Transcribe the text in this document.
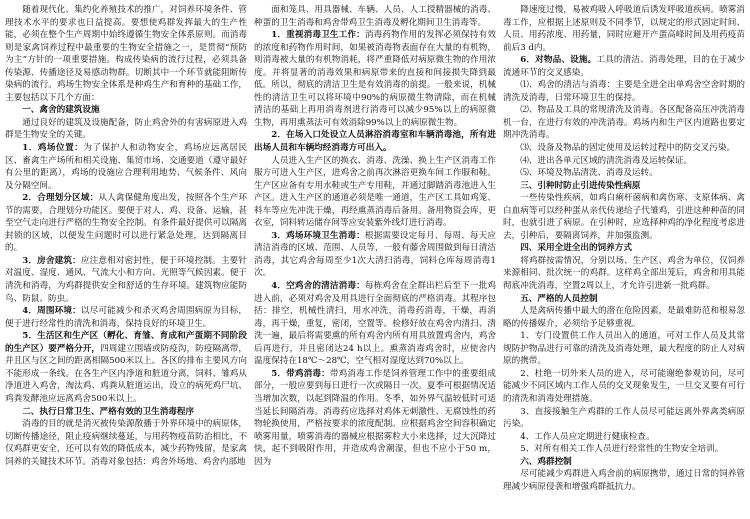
随着现代化、集约化养殖技术的推广，对饲养环境条件、管理技术水平的要求也日益提高。要想使鸡群发挥最大的生产性能，必须在整个生产周期中始终遵循生物安全体系原则。而消毒则是家禽饲养过程中最重要的生物安全措施之一，是贯彻“预防为主”方针的一项重要措施。构成传染病的流行过程，必须具备传染源、传播途径及易感动物群。切断其中一个环节就能阻断传染病的流行。鸡场生物安全体系是种鸡生产和育种的基础工作，主要包括以下几个方面：

一、禽舍的建筑设施

通过良好的建筑及设施配备，防止鸡舍外的有害病原进入鸡群是生物安全的关键。

1．鸡场位置：为了保护人和动物安全，鸡场应远离居民区、畜禽生产场所和相关设施、集贸市场、交通要道（遵守最好有公里的距离），鸡场的设施应合理利用地势、气候条件、风向及分隔空间。

2．合理划分区域：从人禽保健角度出发，按照各个生产环节的需要，合理划分功能区。要便于对人、鸡、设备、运输，甚至空气走向进行严格的生物安全控制。有条件最好提供可以隔离封锁的区域，以便发生问题时可以进行紧急处理，达到隔离目的。

3．房舍建筑：应注意相对密封性，便于环境控制。主要针对温度、湿度、通风、气流大小和方向、光照等气候因素。便于清洗和消毒，为鸡群提供安全和舒适的生存环境。建筑物应能防鸟、防鼠、防虫。

4．周围环境：以尽可能减少和杀灭鸡舍周围病原为目标，便于进行经常性的清洗和消毒，保持良好的环境卫生。

5．生活区和生产区（孵化、育雏、育成和产蛋期不同阶段的生产区）要严格分开，四周建立围墙或防疫沟，防疫隔离带，并且区与区之间的距离相隔500米以上。各区的排布主要风方向不能形成一条线。在各生产区内净道和脏道分离，饲料、雏鸡从净道进入鸡舍，淘汰鸡、鸡粪从脏道运出，设立的病死鸡尸坑、鸡粪发酵池应远离鸡舍500米以上。

二、执行日常卫生、严格有效的卫生消毒程序

消毒的目的就是消灭被传染源散播于外界环境中的病原体，切断传播途径，阻止疫病继续蔓延，与用药物疫苗防治相比，不仅鸡群更安全，还可以有效的降低成本，减少药物残留，是家禽饲养的关键技术环节。消毒对象包括：鸡舍外场地、鸡舍内部地

面和笼具、用具器械、车辆、人员、人工授精器械的消毒、种蛋的卫生消毒和鸡舍带鸡卫生消毒及孵化期间卫生消毒等。

1．重视消毒卫生工作：消毒药物作用的发挥必须保持有效的浓度和药物作用时间，如果被消毒物表面存在大量的有机物，则消毒被大量的有机物消耗，将严重降低对病原微生物的作用浓度。并将显著的消毒效果和病原带来的直接和间接损失降到最低。所以，彻底的清洁卫生是有效消毒的前提。一般来说，机械性的清洁卫生可以将环境中90%的病原微生物清除，而在机械清洁的基础上再用消毒剂进行消毒可以减少95%以上的病原微生物，再用熏蒸法可有效消除99%以上的病原微生物。

2．在场入口处设立人员淋浴消毒室和车辆消毒池，所有进出场人员和车辆均经消毒方可出入。

人员进入生产区的换衣、消毒、洗澡、换上生产区消毒工作服方可进入生产区，进鸡舍之前再次淋浴更换车间工作服和鞋。生产区应备有专用水鞋或生产专用鞋，并通过脚踏消毒池进入生产区。进入生产区的通道必须是唯一通道，生产区工具如鸡笼、料车等应先冲洗干燥，再经熏蒸消毒后备用。备用物资会库，更衣室，饲料转运储存间等应安装紫外线灯进行消毒。

3．鸡场环境卫生消毒：根据需要设定每月、每周、每天应清洁消毒的区域、范围、人员等，一般有藤舍周围做到每日清洁消毒，其它鸡舍每周至少1次大清扫消毒，饲料仓库每周消毒1次。

4．空鸡舍的清洁消毒：每栋鸡舍在全群出栏后至下一批鸡进入前，必须对鸡舍及用具进行全面彻底的严格消毒。其程序包括：排空，机械性清扫，用水冲洗，消毒药消毒，干燥，再消毒，再干燥，重复，密闭，空置等。检修好放在鸡舍内清扫、清洗一遍，最后将需要熏的所有鸡舍内所有用具放置鸡舍内，鸡舍后再进行，并且密闭达24 h以上。熏蒸消毒鸡舍时，应使舍内温度保持在18℃～28℃，空气相对湿度达到70%以上。

5．带鸡消毒：带鸡消毒工作是饲养管理工作中的重要组成部分，一般应要到每日进行一次或隔日一次。夏季可根据情况适当增加次数，以起到降温的作用。冬季，如外界气温较低时可适当延长间隔消毒。消毒药应选择对鸡体无刺激性、无腐蚀性的药物轮换使用，严格按要求的浓度配制。应根据鸡舍空间容积确定喷雾用量，喷雾消毒的器械应根据雾粒大小来选择，过大沉降过快，起不到吸附作用，并造成鸡舍潮湿，但也不应小于50 m，因为

降速度过慢，易被鸡吸入呼吸道后诱发呼吸道疾病。喷雾消毒工作，应根据上述原则及不同季节，以规定的形式固定时间、人员、用药浓度、用药量，同时应避开产蛋高峰时间及用药疫苗前后3 d内。

6．对物品、设施。工具的清洁、消毒处理，目的在于减少流通环节的交叉感染。

⑴、鸡舍的清洁与消毒：主要是全进全出单鸡舍空舍时期的清洗及消毒，日常环境卫生的保持。

⑵、物品及工具的常规清洗及消毒。各区配备高压冲洗消毒机一台，在进行有效的冲洗消毒。鸡场内和生产区内道路也要定期冲洗消毒。

⑶、设备及物品的固定使用及运转过程中的防交叉污染。

⑷、进出各单元区域的清洗消毒及运转保证。

⑸、环境及物品清洗、消毒及运转。

三、引种时防止引进传染性病原

一些传染性疾病，如鸡白痢杆菌病和禽伤寒、支原体病、禽白血病等可以经种蛋从亲代传递给子代雏鸡，引进这种种苗的同时，也就引进了病原。在引种时，应选择种鸡的净化程度考虑进去，引种后，要隔离饲养，并加强监测。

四、采用全进全出的饲养方式

将鸡群按需情况，分别以场、生产区、鸡舍为单位，仅饲养来源相同、批次统一的鸡群。这样鸡全部出笼后，鸡舍和用具能彻底冲洗消毒，空置2周以上，才允许引进新一批鸡群。

五、严格的人员控制

人是禽病传播中最大的潜在危险因素，是最难防范和根易忽略的传播媒介，必须给予足够重视。

1、专门设置供工作人员出入的通道，可对工作人员及其常规防护物品进行可靠的清洗及消毒处理，最大程度的防止人对病原的携带。

2、杜绝一切外来人员的进入，尽可能谢绝参观访问，尽可能减少不同区域内工作人员的交叉现象发生，一旦交叉要有可行的清洗和消毒处理措施。

3、直接接触生产鸡群的工作人员尽可能远离外界禽类病原污染。

4、工作人员应定期进行健康检查。

5、对所有相关工作人员进行经常性的生物安全培训。

六、鸡群控制

尽可能减少鸡群进入鸡舍前的病原携带，通过日常的饲养管理减少病原侵袭和增强鸡群抵抗力。
